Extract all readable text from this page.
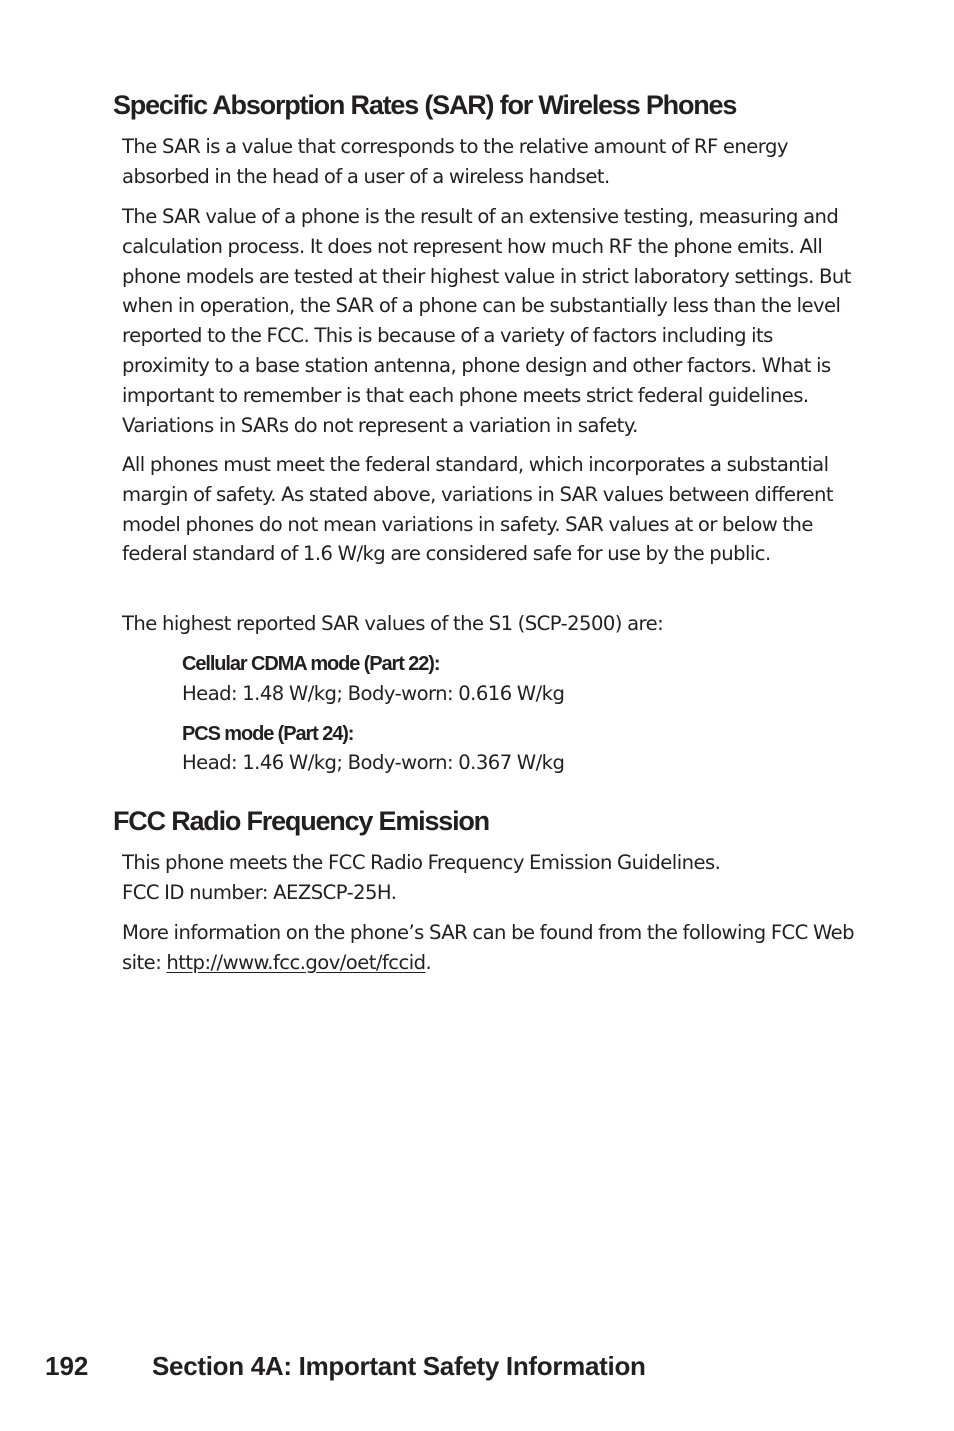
Specific Absorption Rates (SAR) for Wireless Phones

The SAR is a value that corresponds to the relative amount of RF energy absorbed in the head of a user of a wireless handset.

The SAR value of a phone is the result of an extensive testing, measuring and calculation process. It does not represent how much RF the phone emits. All phone models are tested at their highest value in strict laboratory settings. But when in operation, the SAR of a phone can be substantially less than the level reported to the FCC. This is because of a variety of factors including its proximity to a base station antenna, phone design and other factors. What is important to remember is that each phone meets strict federal guidelines. Variations in SARs do not represent a variation in safety.

All phones must meet the federal standard, which incorporates a substantial margin of safety. As stated above, variations in SAR values between different model phones do not mean variations in safety. SAR values at or below the federal standard of 1.6 W/kg are considered safe for use by the public.

The highest reported SAR values of the S1 (SCP-2500) are:

Cellular CDMA mode (Part 22):

Head: 1.48 W/kg; Body-worn: 0.616 W/kg

PCS mode (Part 24):

Head: 1.46 W/kg; Body-worn: 0.367 W/kg

FCC Radio Frequency Emission

This phone meets the FCC Radio Frequency Emission Guidelines.
FCC ID number: AEZSCP-25H.

More information on the phone’s SAR can be found from the following FCC Web site: http://www.fcc.gov/oet/fccid.

192 Section 4A: Important Safety Information
